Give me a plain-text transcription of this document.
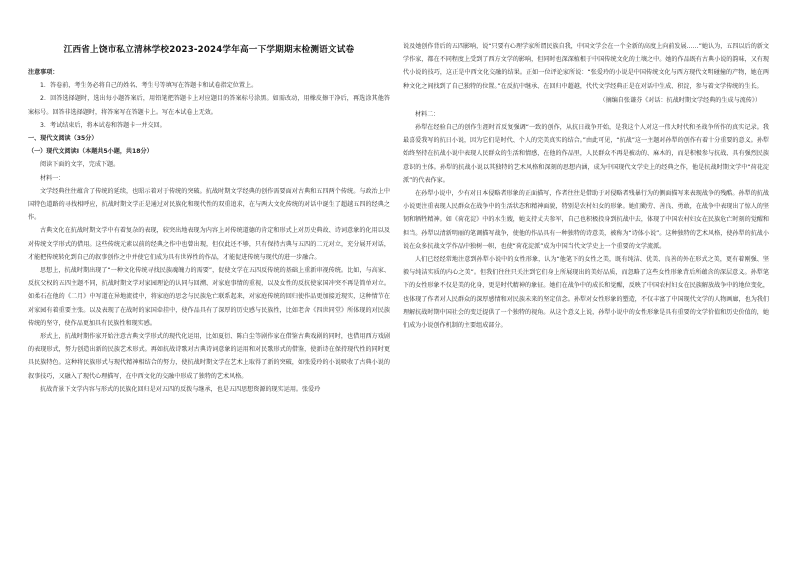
江西省上饶市私立清林学校2023-2024学年高一下学期期末检测语文试卷

注意事项：

1．答卷前，考生务必将自己的姓名、考生号等填写在答题卡和试卷指定位置上。

2．回答选择题时，选出每小题答案后，用铅笔把答题卡上对应题目的答案标号涂黑。如需改动，用橡皮擦干净后，再选涂其他答案标号。回答非选择题时，将答案写在答题卡上。写在本试卷上无效。

3．考试结束后，将本试卷和答题卡一并交回。

一、现代文阅读（35分）

（一）现代文阅读Ⅰ（本题共5小题，共18分）

阅读下面的文字，完成下题。

材料一：

文学经典往往蕴含了传统的延续，也昭示着对于传统的突破。抗战时期文学经典的创作需要面对古典和五四两个传统。与政治上中国特色道路的寻找相呼应，抗战时期文学正是通过对民族化和现代性的双重追求，在与两大文化传统的对话中诞生了超越五四的经典之作。

古典文化在抗战时期文学中有着复杂的表现，较突出地表现为内容上对传统道德的肯定和形式上对历史典故、诗词意象的化用以及对传统文学形式的借用。这些传统元素以前的经典之作中也曾出现，但仅此还不够，只有保持古典与五四的二元对立，充分展开对话，才能把传统转化到自己的叙事创作之中并使它们成为具有世界性的作品，才能促进传统与现代的进一步融合。

思想上，抗战时期出现了“一种文化传统寻找民族魂魄力的需要”，促使文学在五四反传统的基础上重新审视传统。比如，与高家、反抗父权的五四主题不同，抗战时期文学对家园理论的认同与回溯、对家庭事情的重视，以及女性的反抗使家国冲突不再是简单对立。如柔石在他的《二月》中写道在异地流徙中，将家庭的思念与民族危亡联系起来，对家庭传统的回归使作品更加接近现实，这种情节在对家园有着重要主张。以及表现了在战时的家国牵挂中，使作品具有了深厚的历史感与民族性，比如老舍《四世同堂》所体现的对民族传统的坚守，使作品更加具有民族性和现实感。

形式上，抗战时期作家开始注意古典文学形式的现代化运用，比如夏衍、陈白尘等剧作家在借鉴古典戏剧的同时，也借用西方戏剧的表现形式，努力创造出新的民族艺术形式。再如抗战诗歌对古典诗词意象的运用和对民歌形式的借鉴，使新诗在保持现代性的同时更具民族特色。这种将民族形式与现代精神相结合的努力，使抗战时期文学在艺术上取得了新的突破，如张爱玲的小说吸收了古典小说的叙事技巧，又融入了现代心理描写，在中西文化的交融中形成了独特的艺术风格。

抗战背景下文学内容与形式的民族化回归是对五四的反拨与继承，也是五四思想资源的现实运用。张爱玲

说及她创作背后的五四影响，说“只要有心理学家所谓民族自我，中国文学会在一个全新的高度上向前发展……”她认为，五四以后的新文学作家，都在不同程度上受到了西方文学的影响，但同时也深深植根于中国传统文化的土壤之中。她的作品既有古典小说的韵味，又有现代小说的技巧，这正是中西文化交融的结果。正如一位评论家所说：“张爱玲的小说是中国传统文化与西方现代文明碰撞的产物，她在两种文化之间找到了自己独特的位置。”在反抗中继承、在回归中超越，代代文学经典正是在对话中生成、积淀，参与着文学传统的生长。

（摘编自张谦芬《对话：抗战时期文学经典的生成与流传》）

材料二：

孙犁在经验自己的创作生涯时首反复强调“一致的创作，从抗日战争开始，是我这个人对这一伟大时代和圣战争所作的真实记录。我最喜爱我写的抗日小说，因为它们是时代、个人的完美真实的结合。”由此可见，“抗战”这一主题对孙犁的创作有着十分重要的意义。孙犁始终坚持在抗战小说中表现人民群众的生活和情感，在他的作品里，人民群众不再是被动的、麻木的，而是积极参与抗战、具有强烈民族意识的主体。孙犁的抗战小说以其独特的艺术风格和深刻的思想内涵，成为中国现代文学史上的经典之作，他是抗战时期文学中“荷花淀派”的代表作家。

在孙犁小说中，少有对日本侵略者形象的正面描写，作者往往是借助于对侵略者残暴行为的侧面描写来表现战争的残酷。孙犁的抗战小说更注重表现人民群众在战争中的生活状态和精神面貌，特别是农村妇女的形象。她们勤劳、善良、勇敢，在战争中表现出了惊人的坚韧和牺牲精神。如《荷花淀》中的水生嫂，她支持丈夫参军，自己也积极投身到抗战中去，体现了中国农村妇女在民族危亡时刻的觉醒和担当。孙犁以清新明丽的笔调描写战争，使他的作品具有一种独特的诗意美，被称为“诗体小说”。这种独特的艺术风格，使孙犁的抗战小说在众多抗战文学作品中独树一帜，也使“荷花淀派”成为中国当代文学史上一个重要的文学流派。

人们已经经常地注意到孙犁小说中的女性形象，认为“他笔下的女性之美，既有纯洁、优美、良善的外在形式之美，更有着刚强、坚毅与纯洁实质的内心之美”。但我们往往只关注到它们身上所展现出的美好品质，而忽略了这些女性形象背后所蕴含的深层意义。孙犁笔下的女性形象不仅是美的化身，更是时代精神的象征。她们在战争中的成长和觉醒，反映了中国农村妇女在民族解放战争中的地位变化，也体现了作者对人民群众的深厚感情和对民族未来的坚定信念。孙犁对女性形象的塑造，不仅丰富了中国现代文学的人物画廊，也为我们理解抗战时期中国社会的变迁提供了一个独特的视角。从这个意义上说，孙犁小说中的女性形象是具有重要的文学价值和历史价值的，她们成为小说创作机制的主要组成部分。
